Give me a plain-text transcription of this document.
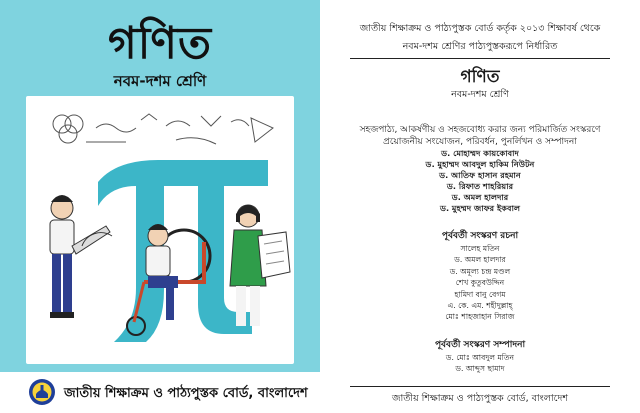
গণিত
নবম-দশম শ্রেণি
জাতীয় শিক্ষাক্রম ও পাঠ্যপুস্তক বোর্ড, বাংলাদেশ
জাতীয় শিক্ষাক্রম ও পাঠ্যপুস্তক বোর্ড কর্তৃক ২০১৩ শিক্ষাবর্ষ থেকে
নবম-দশম শ্রেণির পাঠ্যপুস্তকরূপে নির্ধারিত
গণিত
নবম-দশম শ্রেণি
সহজপাঠ্য, আকর্ষণীয় ও সহজবোধ্য করার জন্য পরিমার্জিত সংস্করণে
প্রয়োজনীয় সংযোজন, পরিবর্ধন, পুনর্লিখন ও সম্পাদনা
ড. মোহাম্মদ কায়কোবাদ
ড. মুহাম্মদ আবদুল হাকিম নিউটন
ড. আতিফ হাসান রহমান
ড. রিফাত শাহরিয়ার
ড. অমল হালদার
ড. মুহম্মদ জাফর ইকবাল
পূর্ববর্তী সংস্করণ রচনা
সালেহ মতিন
ড. অমল হালদার
ড. অমূল্য চন্দ্র মণ্ডল
শেখ কুতুবউদ্দিন
হামিদা বানু বেগম
এ. কে. এম. শহীদুল্লাহ্
মোঃ শাহজাহান সিরাজ
পূর্ববর্তী সংস্করণ সম্পাদনা
ড. মোঃ আবদুল মতিন
ড. আব্দুস ছামাদ
জাতীয় শিক্ষাক্রম ও পাঠ্যপুস্তক বোর্ড, বাংলাদেশ
